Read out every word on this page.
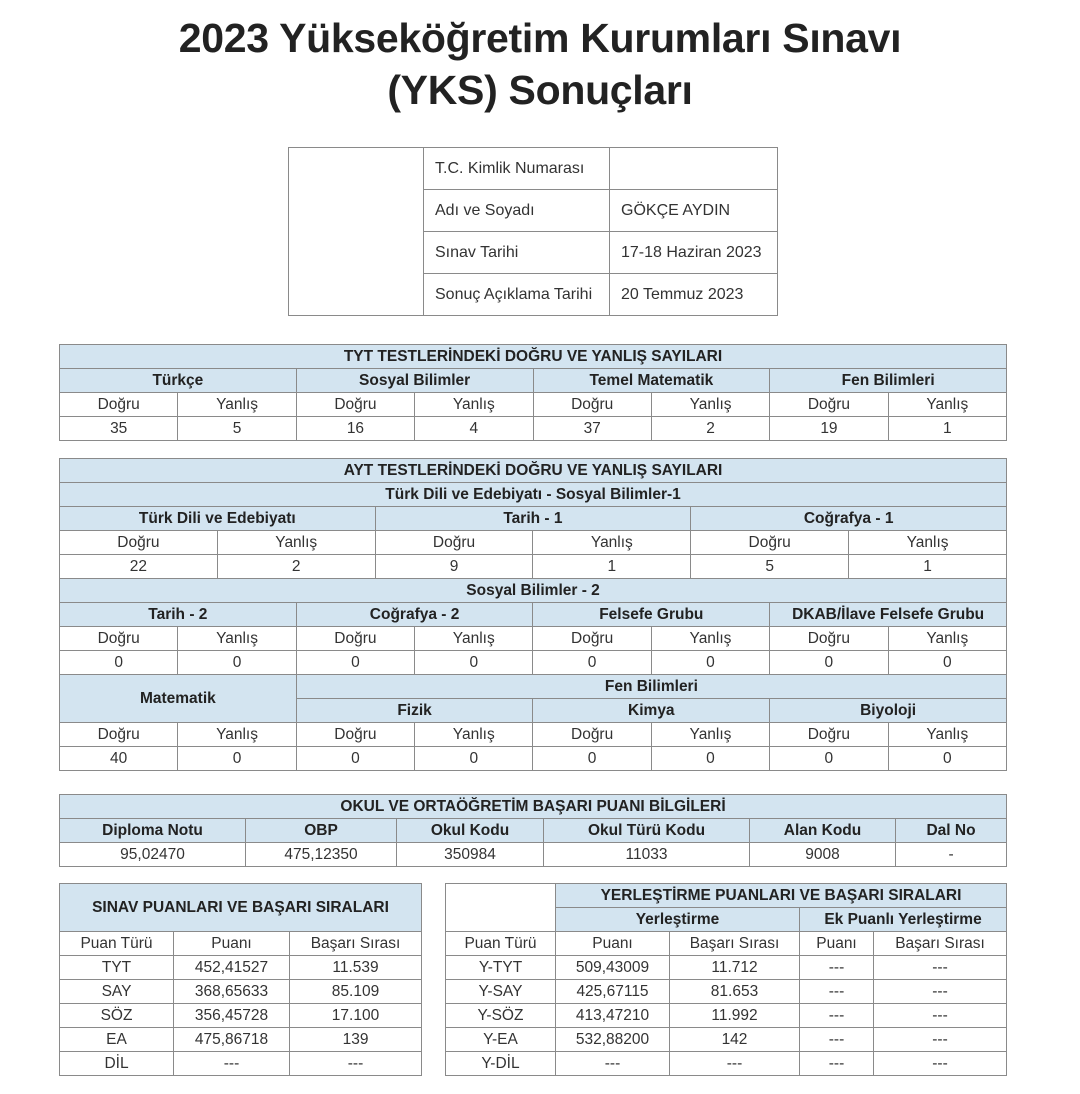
2023 Yükseköğretim Kurumları Sınavı
(YKS) Sonuçları
	T.C. Kimlik Numarası	
	Adı ve Soyadı	GÖKÇE AYDIN
	Sınav Tarihi	17-18 Haziran 2023
	Sonuç Açıklama Tarihi	20 Temmuz 2023
TYT TESTLERİNDEKİ DOĞRU VE YANLIŞ SAYILARI							
Türkçe		Sosyal Bilimler		Temel Matematik		Fen Bilimleri	
Doğru	Yanlış	Doğru	Yanlış	Doğru	Yanlış	Doğru	Yanlış
35	5	16	4	37	2	19	1
AYT TESTLERİNDEKİ DOĞRU VE YANLIŞ SAYILARI											
Türk Dili ve Edebiyatı - Sosyal Bilimler-1											
Türk Dili ve Edebiyatı				Tarih - 1				Coğrafya - 1			
Doğru		Yanlış		Doğru		Yanlış		Doğru		Yanlış	
22		2		9		1		5		1	
Sosyal Bilimler - 2											
Tarih - 2			Coğrafya - 2			Felsefe Grubu			DKAB/İlave Felsefe Grubu		
Doğru	Yanlış		Doğru		Yanlış	Doğru	Yanlış		Doğru		Yanlış
0	0		0		0	0	0		0		0
Matematik			Fen Bilimleri								
			Fizik			Kimya			Biyoloji		
Doğru	Yanlış		Doğru		Yanlış	Doğru	Yanlış		Doğru		Yanlış
40	0		0		0	0	0		0		0
OKUL VE ORTAÖĞRETİM BAŞARI PUANI BİLGİLERİ					
Diploma Notu	OBP	Okul Kodu	Okul Türü Kodu	Alan Kodu	Dal No
95,02470	475,12350	350984	11033	9008	-
SINAV PUANLARI VE BAŞARI SIRALARI		
Puan Türü	Puanı	Başarı Sırası
TYT	452,41527	11.539
SAY	368,65633	85.109
SÖZ	356,45728	17.100
EA	475,86718	139
DİL	---	---
	YERLEŞTİRME PUANLARI VE BAŞARI SIRALARI			
	Yerleştirme		Ek Puanlı Yerleştirme	
Puan Türü	Puanı	Başarı Sırası	Puanı	Başarı Sırası
Y-TYT	509,43009	11.712	---	---
Y-SAY	425,67115	81.653	---	---
Y-SÖZ	413,47210	11.992	---	---
Y-EA	532,88200	142	---	---
Y-DİL	---	---	---	---
